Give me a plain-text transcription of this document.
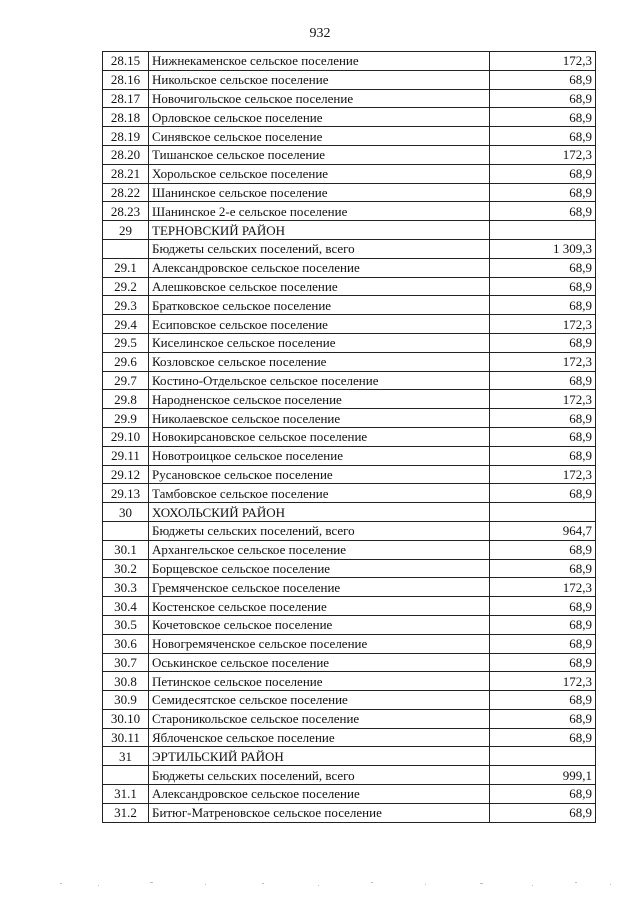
932
28.15	Нижнекаменское сельское поселение	172,3
28.16	Никольское сельское поселение	68,9
28.17	Новочигольское сельское поселение	68,9
28.18	Орловское сельское поселение	68,9
28.19	Синявское сельское поселение	68,9
28.20	Тишанское сельское поселение	172,3
28.21	Хорольское сельское поселение	68,9
28.22	Шанинское сельское поселение	68,9
28.23	Шанинское 2-е сельское поселение	68,9
29	ТЕРНОВСКИЙ РАЙОН	
	Бюджеты сельских поселений, всего	1 309,3
29.1	Александровское сельское поселение	68,9
29.2	Алешковское сельское поселение	68,9
29.3	Братковское сельское поселение	68,9
29.4	Есиповское сельское поселение	172,3
29.5	Киселинское сельское поселение	68,9
29.6	Козловское сельское поселение	172,3
29.7	Костино-Отдельское сельское поселение	68,9
29.8	Народненское сельское поселение	172,3
29.9	Николаевское сельское поселение	68,9
29.10	Новокирсановское сельское поселение	68,9
29.11	Новотроицкое сельское поселение	68,9
29.12	Русановское сельское поселение	172,3
29.13	Тамбовское сельское поселение	68,9
30	ХОХОЛЬСКИЙ РАЙОН	
	Бюджеты сельских поселений, всего	964,7
30.1	Архангельское сельское поселение	68,9
30.2	Борщевское сельское поселение	68,9
30.3	Гремяченское сельское поселение	172,3
30.4	Костенское сельское поселение	68,9
30.5	Кочетовское сельское поселение	68,9
30.6	Новогремяченское сельское поселение	68,9
30.7	Оськинское сельское поселение	68,9
30.8	Петинское сельское поселение	172,3
30.9	Семидесятское сельское поселение	68,9
30.10	Староникольское сельское поселение	68,9
30.11	Яблоченское сельское поселение	68,9
31	ЭРТИЛЬСКИЙ РАЙОН	
	Бюджеты сельских поселений, всего	999,1
31.1	Александровское сельское поселение	68,9
31.2	Битюг-Матреновское сельское поселение	68,9
